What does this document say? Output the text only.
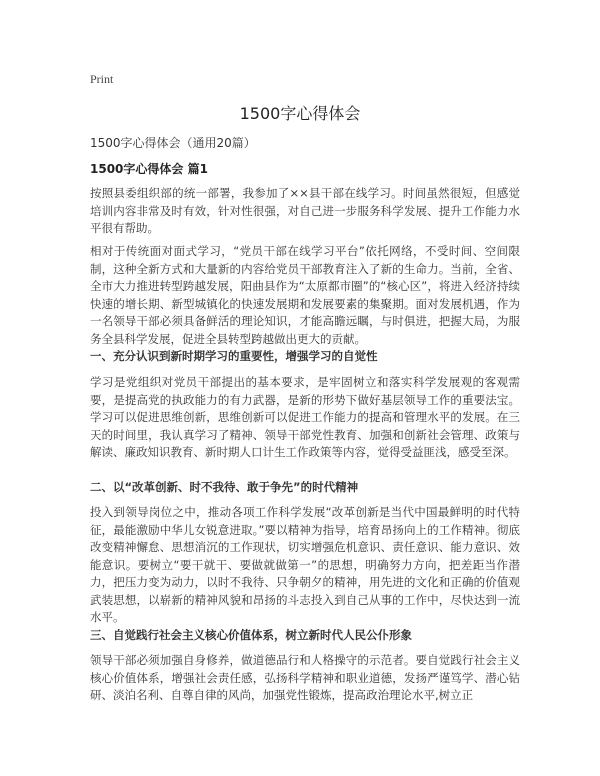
Print
1500字心得体会

1500字心得体会（通用20篇）

1500字心得体会 篇1

按照县委组织部的统一部署，我参加了××县干部在线学习。时间虽然很短，但感觉培训内容非常及时有效，针对性很强，对自己进一步服务科学发展、提升工作能力水平很有帮助。

相对于传统面对面式学习，“党员干部在线学习平台”依托网络，不受时间、空间限制，这种全新方式和大量新的内容给党员干部教育注入了新的生命力。当前，全省、全市大力推进转型跨越发展，阳曲县作为“太原都市圈”的“核心区”，将进入经济持续快速的增长期、新型城镇化的快速发展期和发展要素的集聚期。面对发展机遇，作为一名领导干部必须具备鲜活的理论知识，才能高瞻远瞩，与时俱进，把握大局，为服务全县科学发展，促进全县转型跨越做出更大的贡献。

一、充分认识到新时期学习的重要性，增强学习的自觉性

学习是党组织对党员干部提出的基本要求，是牢固树立和落实科学发展观的客观需要，是提高党的执政能力的有力武器，是新的形势下做好基层领导工作的重要法宝。学习可以促进思维创新，思维创新可以促进工作能力的提高和管理水平的发展。在三天的时间里，我认真学习了精神、领导干部党性教育、加强和创新社会管理、政策与解读、廉政知识教育、新时期人口计生工作政策等内容，觉得受益匪浅，感受至深。

二、以“改革创新、时不我待、敢于争先”的时代精神

投入到领导岗位之中，推动各项工作科学发展“改革创新是当代中国最鲜明的时代特征，最能激励中华儿女锐意进取。”要以精神为指导，培育昂扬向上的工作精神。彻底改变精神懈怠、思想消沉的工作现状，切实增强危机意识、责任意识、能力意识、效能意识。要树立“要干就干、要做就做第一”的思想，明确努力方向，把差距当作潜力，把压力变为动力，以时不我待、只争朝夕的精神，用先进的文化和正确的价值观武装思想，以崭新的精神风貌和昂扬的斗志投入到自己从事的工作中，尽快达到一流水平。

三、自觉践行社会主义核心价值体系，树立新时代人民公仆形象

领导干部必须加强自身修养，做道德品行和人格操守的示范者。要自觉践行社会主义核心价值体系，增强社会责任感，弘扬科学精神和职业道德，发扬严谨笃学、潜心钻研、淡泊名利、自尊自律的风尚，加强党性锻炼，提高政治理论水平,树立正
